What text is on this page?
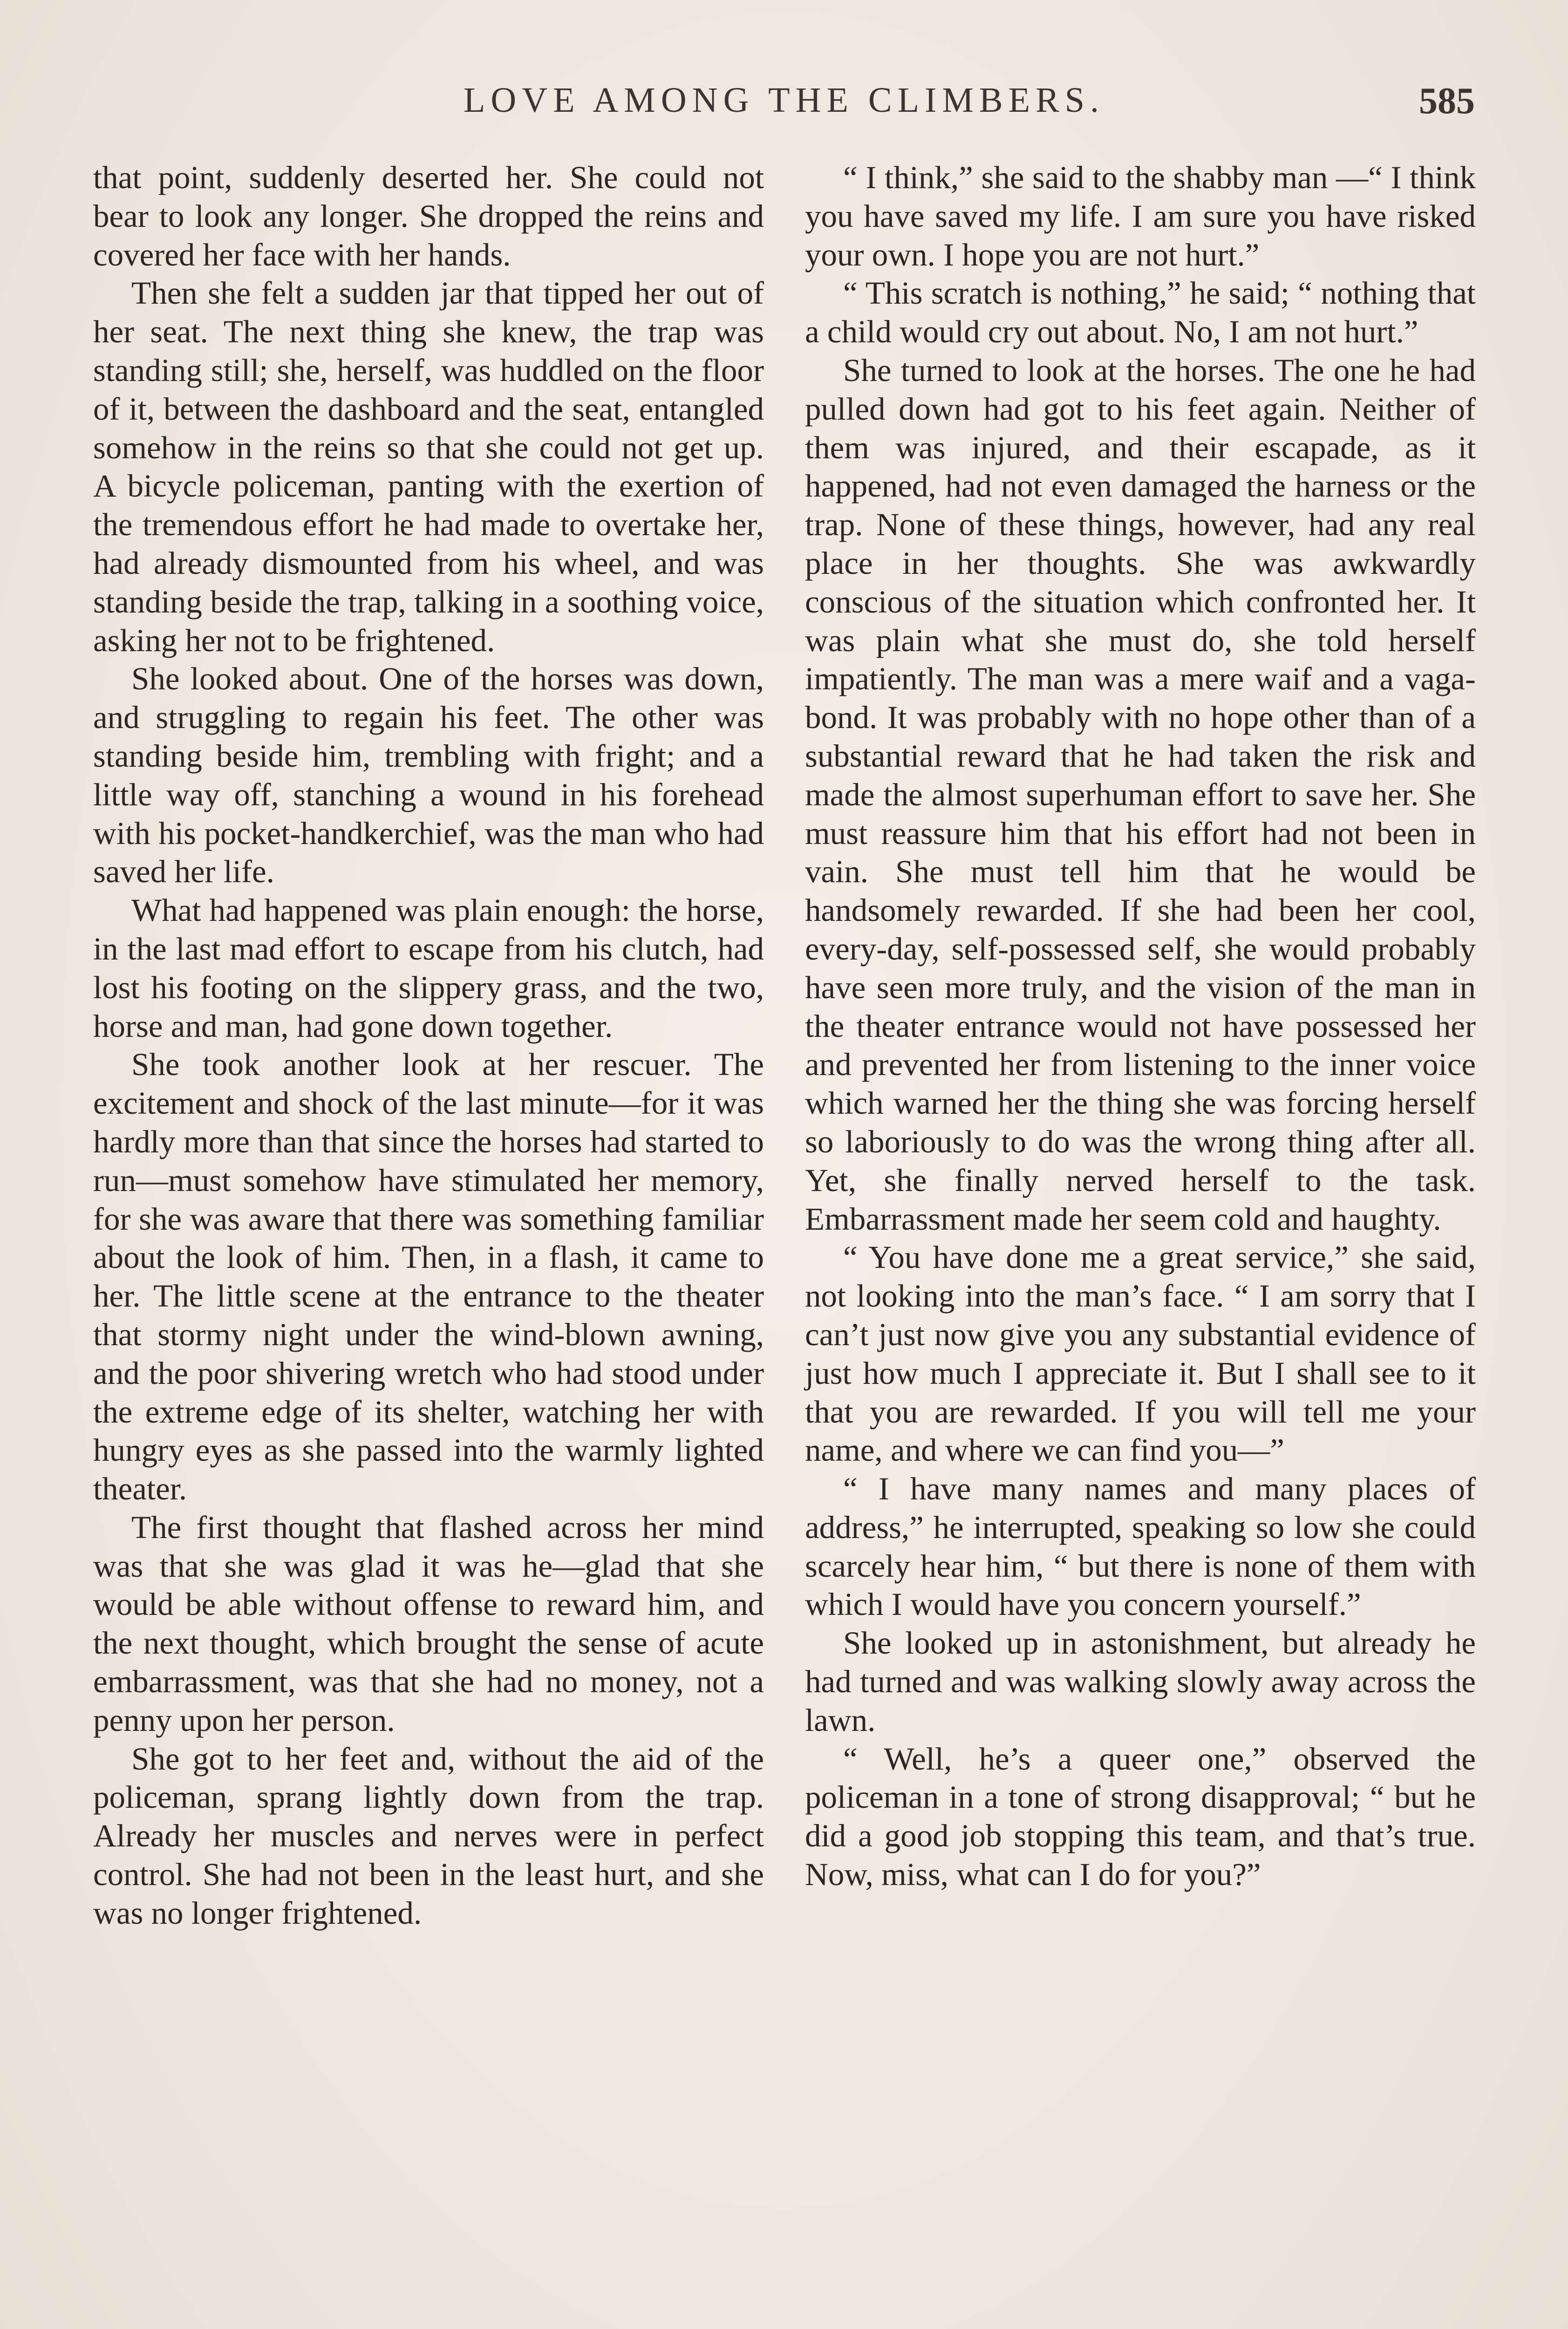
LOVE AMONG THE CLIMBERS.	585

that point, suddenly deserted her. She could not bear to look any longer. She dropped the reins and covered her face with her hands.

Then she felt a sudden jar that tipped her out of her seat. The next thing she knew, the trap was standing still; she, herself, was huddled on the floor of it, between the dashboard and the seat, entangled somehow in the reins so that she could not get up. A bicycle policeman, panting with the exertion of the tremendous effort he had made to overtake her, had already dismounted from his wheel, and was standing beside the trap, talking in a soothing voice, asking her not to be frightened.

She looked about. One of the horses was down, and struggling to regain his feet. The other was standing beside him, trembling with fright; and a little way off, stanching a wound in his forehead with his pocket-handkerchief, was the man who had saved her life.

What had happened was plain enough: the horse, in the last mad effort to escape from his clutch, had lost his footing on the slippery grass, and the two, horse and man, had gone down together.

She took another look at her rescuer. The excitement and shock of the last minute—for it was hardly more than that since the horses had started to run—must somehow have stimulated her memory, for she was aware that there was something familiar about the look of him. Then, in a flash, it came to her. The little scene at the entrance to the theater that stormy night under the wind-blown awning, and the poor shivering wretch who had stood under the extreme edge of its shelter, watching her with hungry eyes as she passed into the warmly lighted theater.

The first thought that flashed across her mind was that she was glad it was he—glad that she would be able without offense to reward him, and the next thought, which brought the sense of acute embarrassment, was that she had no money, not a penny upon her person.

She got to her feet and, without the aid of the policeman, sprang lightly down from the trap. Already her muscles and nerves were in perfect control. She had not been in the least hurt, and she was no longer frightened.

“ I think,” she said to the shabby man —“ I think you have saved my life. I am sure you have risked your own. I hope you are not hurt.”

“ This scratch is nothing,” he said; “ nothing that a child would cry out about. No, I am not hurt.”

She turned to look at the horses. The one he had pulled down had got to his feet again. Neither of them was injured, and their escapade, as it happened, had not even damaged the harness or the trap. None of these things, however, had any real place in her thoughts. She was awkwardly conscious of the situation which confronted her. It was plain what she must do, she told herself impatiently. The man was a mere waif and a vagabond. It was probably with no hope other than of a substantial reward that he had taken the risk and made the almost superhuman effort to save her. She must reassure him that his effort had not been in vain. She must tell him that he would be handsomely rewarded. If she had been her cool, every-day, self-possessed self, she would probably have seen more truly, and the vision of the man in the theater entrance would not have possessed her and prevented her from listening to the inner voice which warned her the thing she was forcing herself so laboriously to do was the wrong thing after all. Yet, she finally nerved herself to the task. Embarrassment made her seem cold and haughty.

“ You have done me a great service,” she said, not looking into the man’s face. “ I am sorry that I can’t just now give you any substantial evidence of just how much I appreciate it. But I shall see to it that you are rewarded. If you will tell me your name, and where we can find you—”

“ I have many names and many places of address,” he interrupted, speaking so low she could scarcely hear him, “ but there is none of them with which I would have you concern yourself.”

She looked up in astonishment, but already he had turned and was walking slowly away across the lawn.

“ Well, he’s a queer one,” observed the policeman in a tone of strong disapproval; “ but he did a good job stopping this team, and that’s true. Now, miss, what can I do for you?”
